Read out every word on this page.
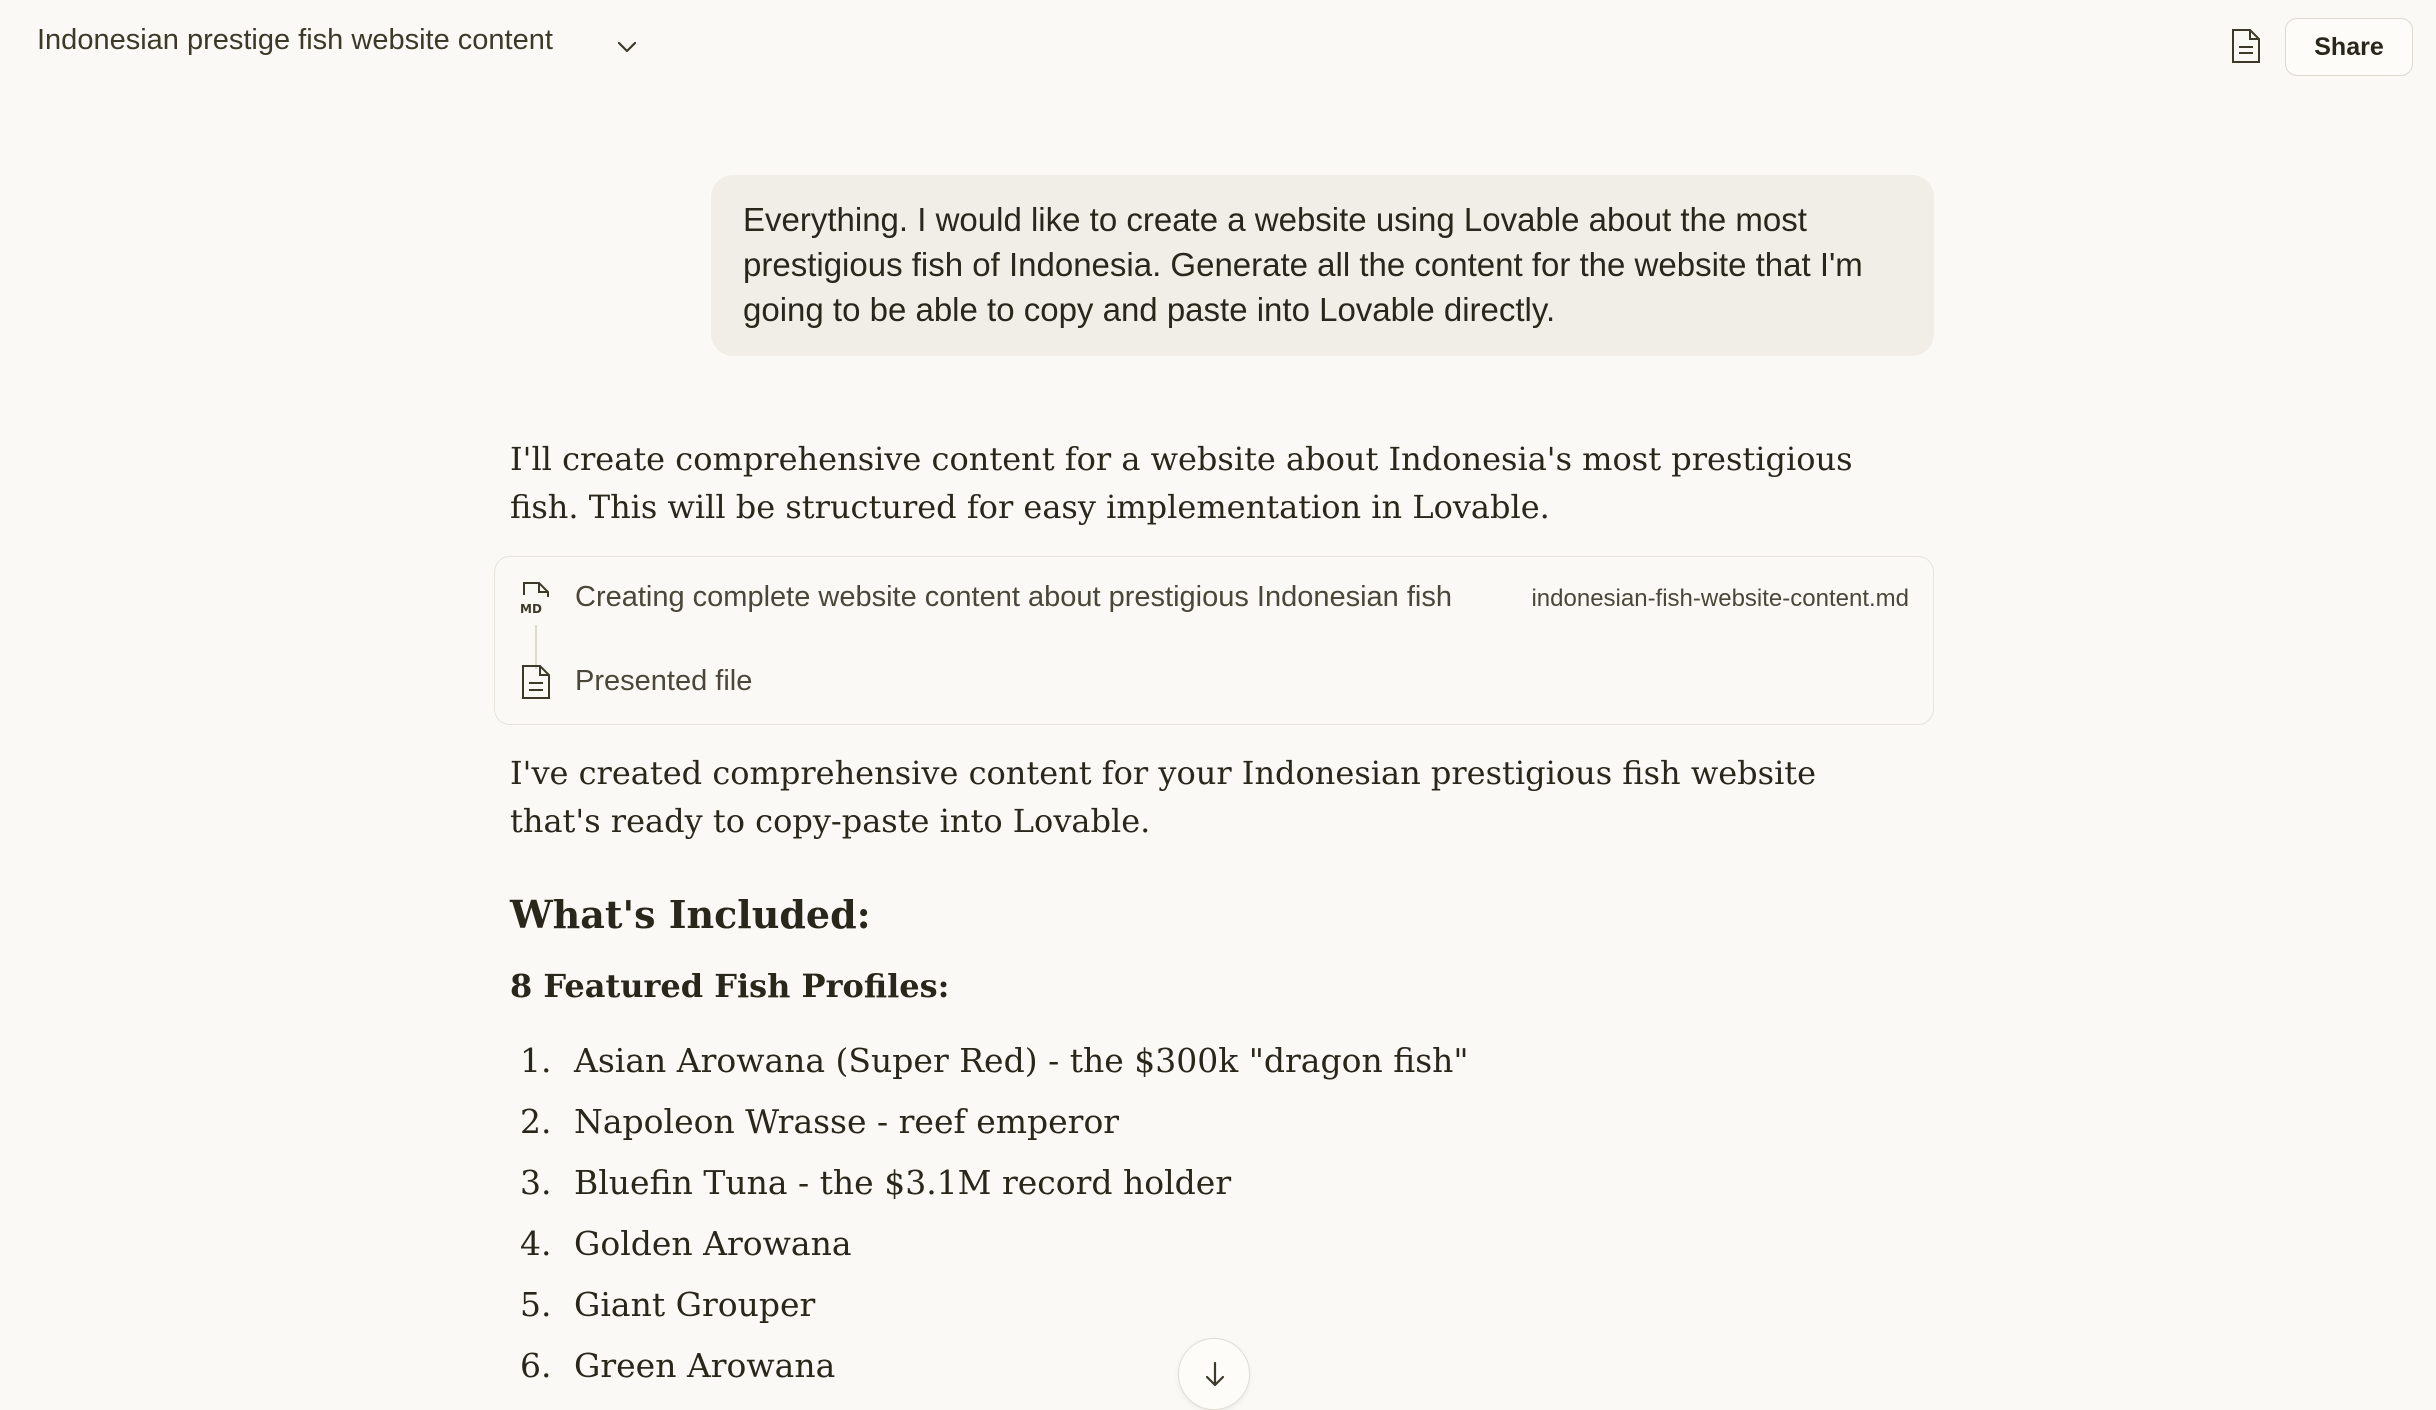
Indonesian prestige fish website content	Share
Everything. I would like to create a website using Lovable about the most prestigious fish of Indonesia. Generate all the content for the website that I'm going to be able to copy and paste into Lovable directly.
I'll create comprehensive content for a website about Indonesia's most prestigious fish. This will be structured for easy implementation in Lovable.
MD Creating complete website content about prestigious Indonesian fish	indonesian-fish-website-content.md
Presented file
I've created comprehensive content for your Indonesian prestigious fish website that's ready to copy-paste into Lovable.
What's Included:
8 Featured Fish Profiles:
1. Asian Arowana (Super Red) - the $300k "dragon fish"
2. Napoleon Wrasse - reef emperor
3. Bluefin Tuna - the $3.1M record holder
4. Golden Arowana
5. Giant Grouper
6. Green Arowana
